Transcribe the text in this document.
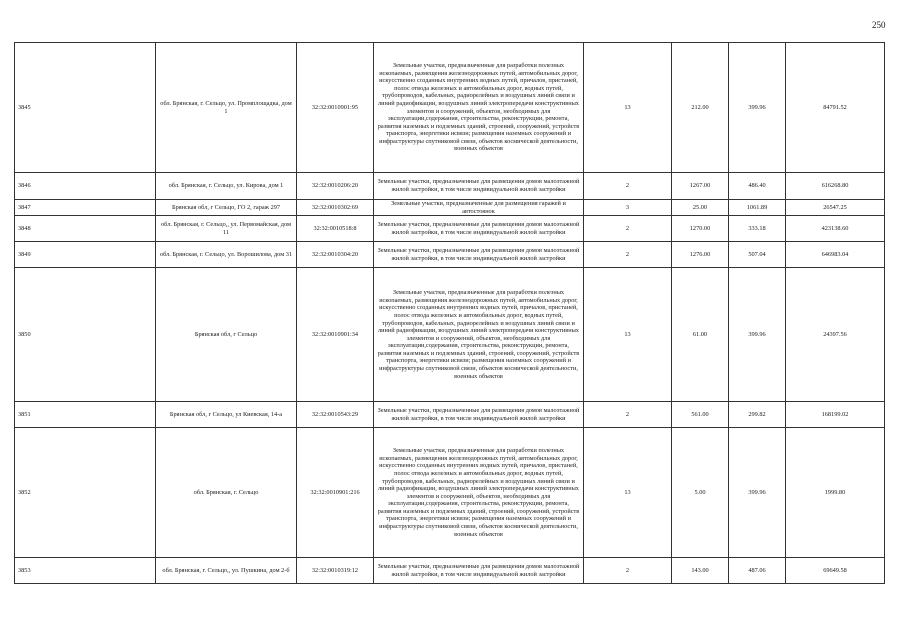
250
3845	обл. Брянская, г. Сельцо, ул. Промплощадка, дом 1	32:32:0010901:95	Земельные участки, предназначенные для разработки полезных ископаемых, размещения железнодорожных путей, автомобильных дорог, искусственно созданных внутренних водных путей, причалов, пристаней, полос отвода железных и автомобильных дорог, водных путей, трубопроводов, кабельных, радиорелейных и воздушных линий связи и линий радиофикации, воздушных линий электропередачи конструктивных элементов и сооружений, объектов, необходимых для эксплуатации,содержания, строительства, реконструкции, ремонта, развития наземных и подземных зданий, строений, сооружений, устройств транспорта, энергетики исвязи; размещения наземных сооружений и инфраструктуры спутниковой связи, объектов космической деятельности, военных объектов	13	212.00	399.96	84791.52
3846	обл. Брянская, г. Сельцо, ул. Кирова, дом 1	32:32:0010206:20	Земельные участки, предназначенные для размещения домов малоэтажной жилой застройки, в том числе индивидуальной жилой застройки	2	1267.00	486.40	616268.80
3847	Брянская обл, г Сельцо, ГО 2, гараж 297	32:32:0010302:69	Земельные участки, предназначенные для размещения гаражей и автостоянок	3	25.00	1061.89	26547.25
3848	обл. Брянская, г. Сельцо,, ул. Первомайская, дом 11	32:32:0010518:8	Земельные участки, предназначенные для размещения домов малоэтажной жилой застройки, в том числе индивидуальной жилой застройки	2	1270.00	333.18	423138.60
3849	обл. Брянская, г. Сельцо, ул. Ворошилова, дом 31	32:32:0010304:20	Земельные участки, предназначенные для размещения домов малоэтажной жилой застройки, в том числе индивидуальной жилой застройки	2	1276.00	507.04	646983.04
3850	Брянская обл, г Сельцо	32:32:0010901:34	Земельные участки, предназначенные для разработки полезных ископаемых, размещения железнодорожных путей, автомобильных дорог, искусственно созданных внутренних водных путей, причалов, пристаней, полос отвода железных и автомобильных дорог, водных путей, трубопроводов, кабельных, радиорелейных и воздушных линий связи и линий радиофикации, воздушных линий электропередачи конструктивных элементов и сооружений, объектов, необходимых для эксплуатации,содержания, строительства, реконструкции, ремонта, развития наземных и подземных зданий, строений, сооружений, устройств транспорта, энергетики исвязи; размещения наземных сооружений и инфраструктуры спутниковой связи, объектов космической деятельности, военных объектов	13	61.00	399.96	24397.56
3851	Брянская обл, г Сельцо, ул Киевская, 14-а	32:32:0010543:29	Земельные участки, предназначенные для размещения домов малоэтажной жилой застройки, в том числе индивидуальной жилой застройки	2	561.00	299.82	168199.02
3852	обл. Брянская, г. Сельцо	32:32:0010901:216	Земельные участки, предназначенные для разработки полезных ископаемых, размещения железнодорожных путей, автомобильных дорог, искусственно созданных внутренних водных путей, причалов, пристаней, полос отвода железных и автомобильных дорог, водных путей, трубопроводов, кабельных, радиорелейных и воздушных линий связи и линий радиофикации, воздушных линий электропередачи конструктивных элементов и сооружений, объектов, необходимых для эксплуатации,содержания, строительства, реконструкции, ремонта, развития наземных и подземных зданий, строений, сооружений, устройств транспорта, энергетики исвязи; размещения наземных сооружений и инфраструктуры спутниковой связи, объектов космической деятельности, военных объектов	13	5.00	399.96	1999.80
3853	обл. Брянская, г. Сельцо,, ул. Пушкина, дом 2-б	32:32:0010319:12	Земельные участки, предназначенные для размещения домов малоэтажной жилой застройки, в том числе индивидуальной жилой застройки	2	143.00	487.06	69649.58
